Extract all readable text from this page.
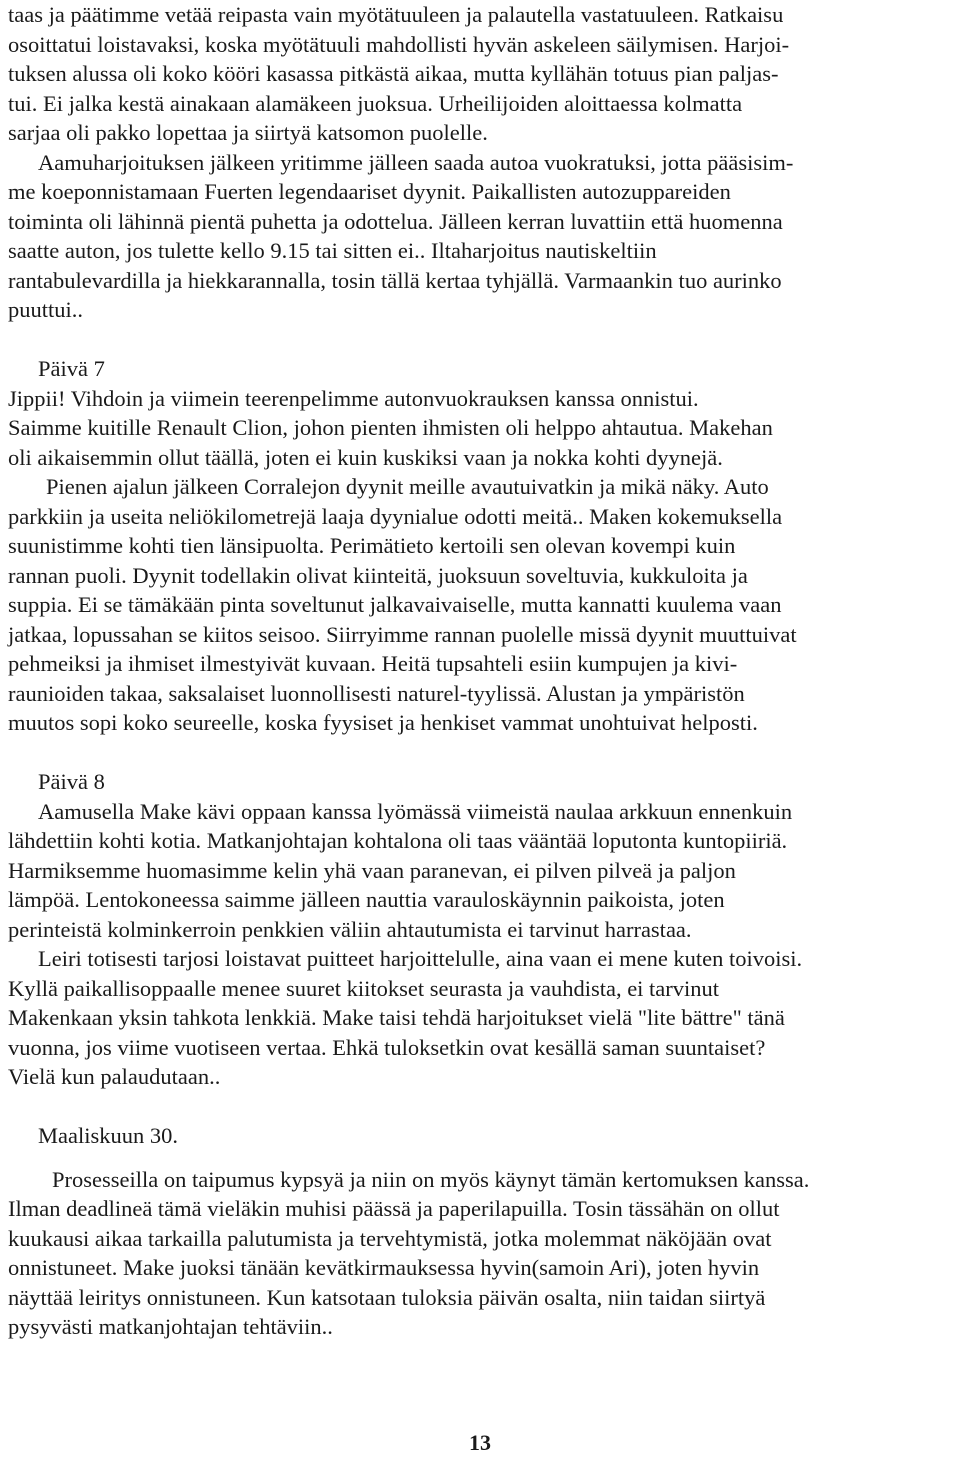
taas ja päätimme vetää reipasta vain myötätuuleen ja palautella vastatuuleen. Ratkaisu
osoittatui loistavaksi, koska myötätuuli mahdollisti hyvän askeleen säilymisen. Harjoi-
tuksen alussa oli koko kööri kasassa pitkästä aikaa, mutta kyllähän totuus pian paljas-
tui. Ei jalka kestä ainakaan alamäkeen juoksua. Urheilijoiden aloittaessa kolmatta
sarjaa oli pakko lopettaa ja siirtyä katsomon puolelle.
Aamuharjoituksen jälkeen yritimme jälleen saada autoa vuokratuksi, jotta pääsisim-
me koeponnistamaan Fuerten legendaariset dyynit. Paikallisten autozuppareiden
toiminta oli lähinnä pientä puhetta ja odottelua. Jälleen kerran luvattiin että huomenna
saatte auton, jos tulette kello 9.15 tai sitten ei.. Iltaharjoitus nautiskeltiin
rantabulevardilla ja hiekkarannalla, tosin tällä kertaa tyhjällä. Varmaankin tuo aurinko
puuttui..
Päivä 7
Jippii! Vihdoin ja viimein teerenpelimme autonvuokrauksen kanssa onnistui.
Saimme kuitille Renault Clion, johon pienten ihmisten oli helppo ahtautua. Makehan
oli aikaisemmin ollut täällä, joten ei kuin kuskiksi vaan ja nokka kohti dyynejä.
Pienen ajalun jälkeen Corralejon dyynit meille avautuivatkin ja mikä näky. Auto
parkkiin ja useita neliökilometrejä laaja dyynialue odotti meitä.. Maken kokemuksella
suunistimme kohti tien länsipuolta. Perimätieto kertoili sen olevan kovempi kuin
rannan puoli. Dyynit todellakin olivat kiinteitä, juoksuun soveltuvia, kukkuloita ja
suppia. Ei se tämäkään pinta soveltunut jalkavaivaiselle, mutta kannatti kuulema vaan
jatkaa, lopussahan se kiitos seisoo. Siirryimme rannan puolelle missä dyynit muuttuivat
pehmeiksi ja ihmiset ilmestyivät kuvaan. Heitä tupsahteli esiin kumpujen ja kivi-
raunioiden takaa, saksalaiset luonnollisesti naturel-tyylissä. Alustan ja ympäristön
muutos sopi koko seureelle, koska fyysiset ja henkiset vammat unohtuivat helposti.
Päivä 8
Aamusella Make kävi oppaan kanssa lyömässä viimeistä naulaa arkkuun ennenkuin
lähdettiin kohti kotia. Matkanjohtajan kohtalona oli taas vääntää loputonta kuntopiiriä.
Harmiksemme huomasimme kelin yhä vaan paranevan, ei pilven pilveä ja paljon
lämpöä. Lentokoneessa saimme jälleen nauttia varauloskäynnin paikoista, joten
perinteistä kolminkerroin penkkien väliin ahtautumista ei tarvinut harrastaa.
Leiri totisesti tarjosi loistavat puitteet harjoittelulle, aina vaan ei mene kuten toivoisi.
Kyllä paikallisoppaalle menee suuret kiitokset seurasta ja vauhdista, ei tarvinut
Makenkaan yksin tahkota lenkkiä. Make taisi tehdä harjoitukset vielä "lite bättre" tänä
vuonna, jos viime vuotiseen vertaa. Ehkä tuloksetkin ovat kesällä saman suuntaiset?
Vielä kun palaudutaan..
Maaliskuun 30.
Prosesseilla on taipumus kypsyä ja niin on myös käynyt tämän kertomuksen kanssa.
Ilman deadlineä tämä vieläkin muhisi päässä ja paperilapuilla. Tosin tässähän on ollut
kuukausi aikaa tarkailla palutumista ja tervehtymistä, jotka molemmat näköjään ovat
onnistuneet. Make juoksi tänään kevätkirmauksessa hyvin(samoin Ari), joten hyvin
näyttää leiritys onnistuneen. Kun katsotaan tuloksia päivän osalta, niin taidan siirtyä
pysyvästi matkanjohtajan tehtäviin..
13
